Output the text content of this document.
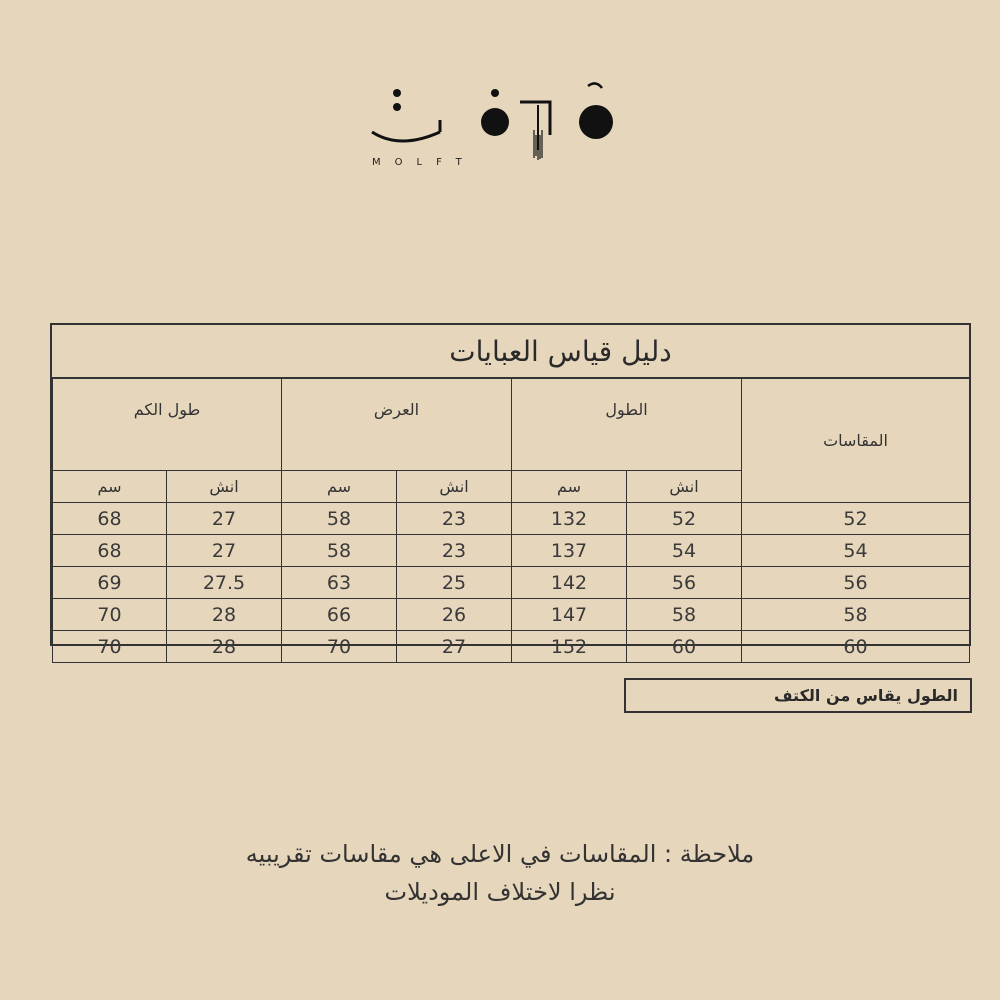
MOLFT
دليل قياس العبايات
طول الكم		العرض		الطول		المقاسات
سم	انش	سم	انش	سم	انش	
68	27	58	23	132	52	52
68	27	58	23	137	54	54
69	27.5	63	25	142	56	56
70	28	66	26	147	58	58
70	28	70	27	152	60	60
الطول يقاس من الكتف
ملاحظة : المقاسات في الاعلى هي مقاسات تقريبيه
نظرا لاختلاف الموديلات
